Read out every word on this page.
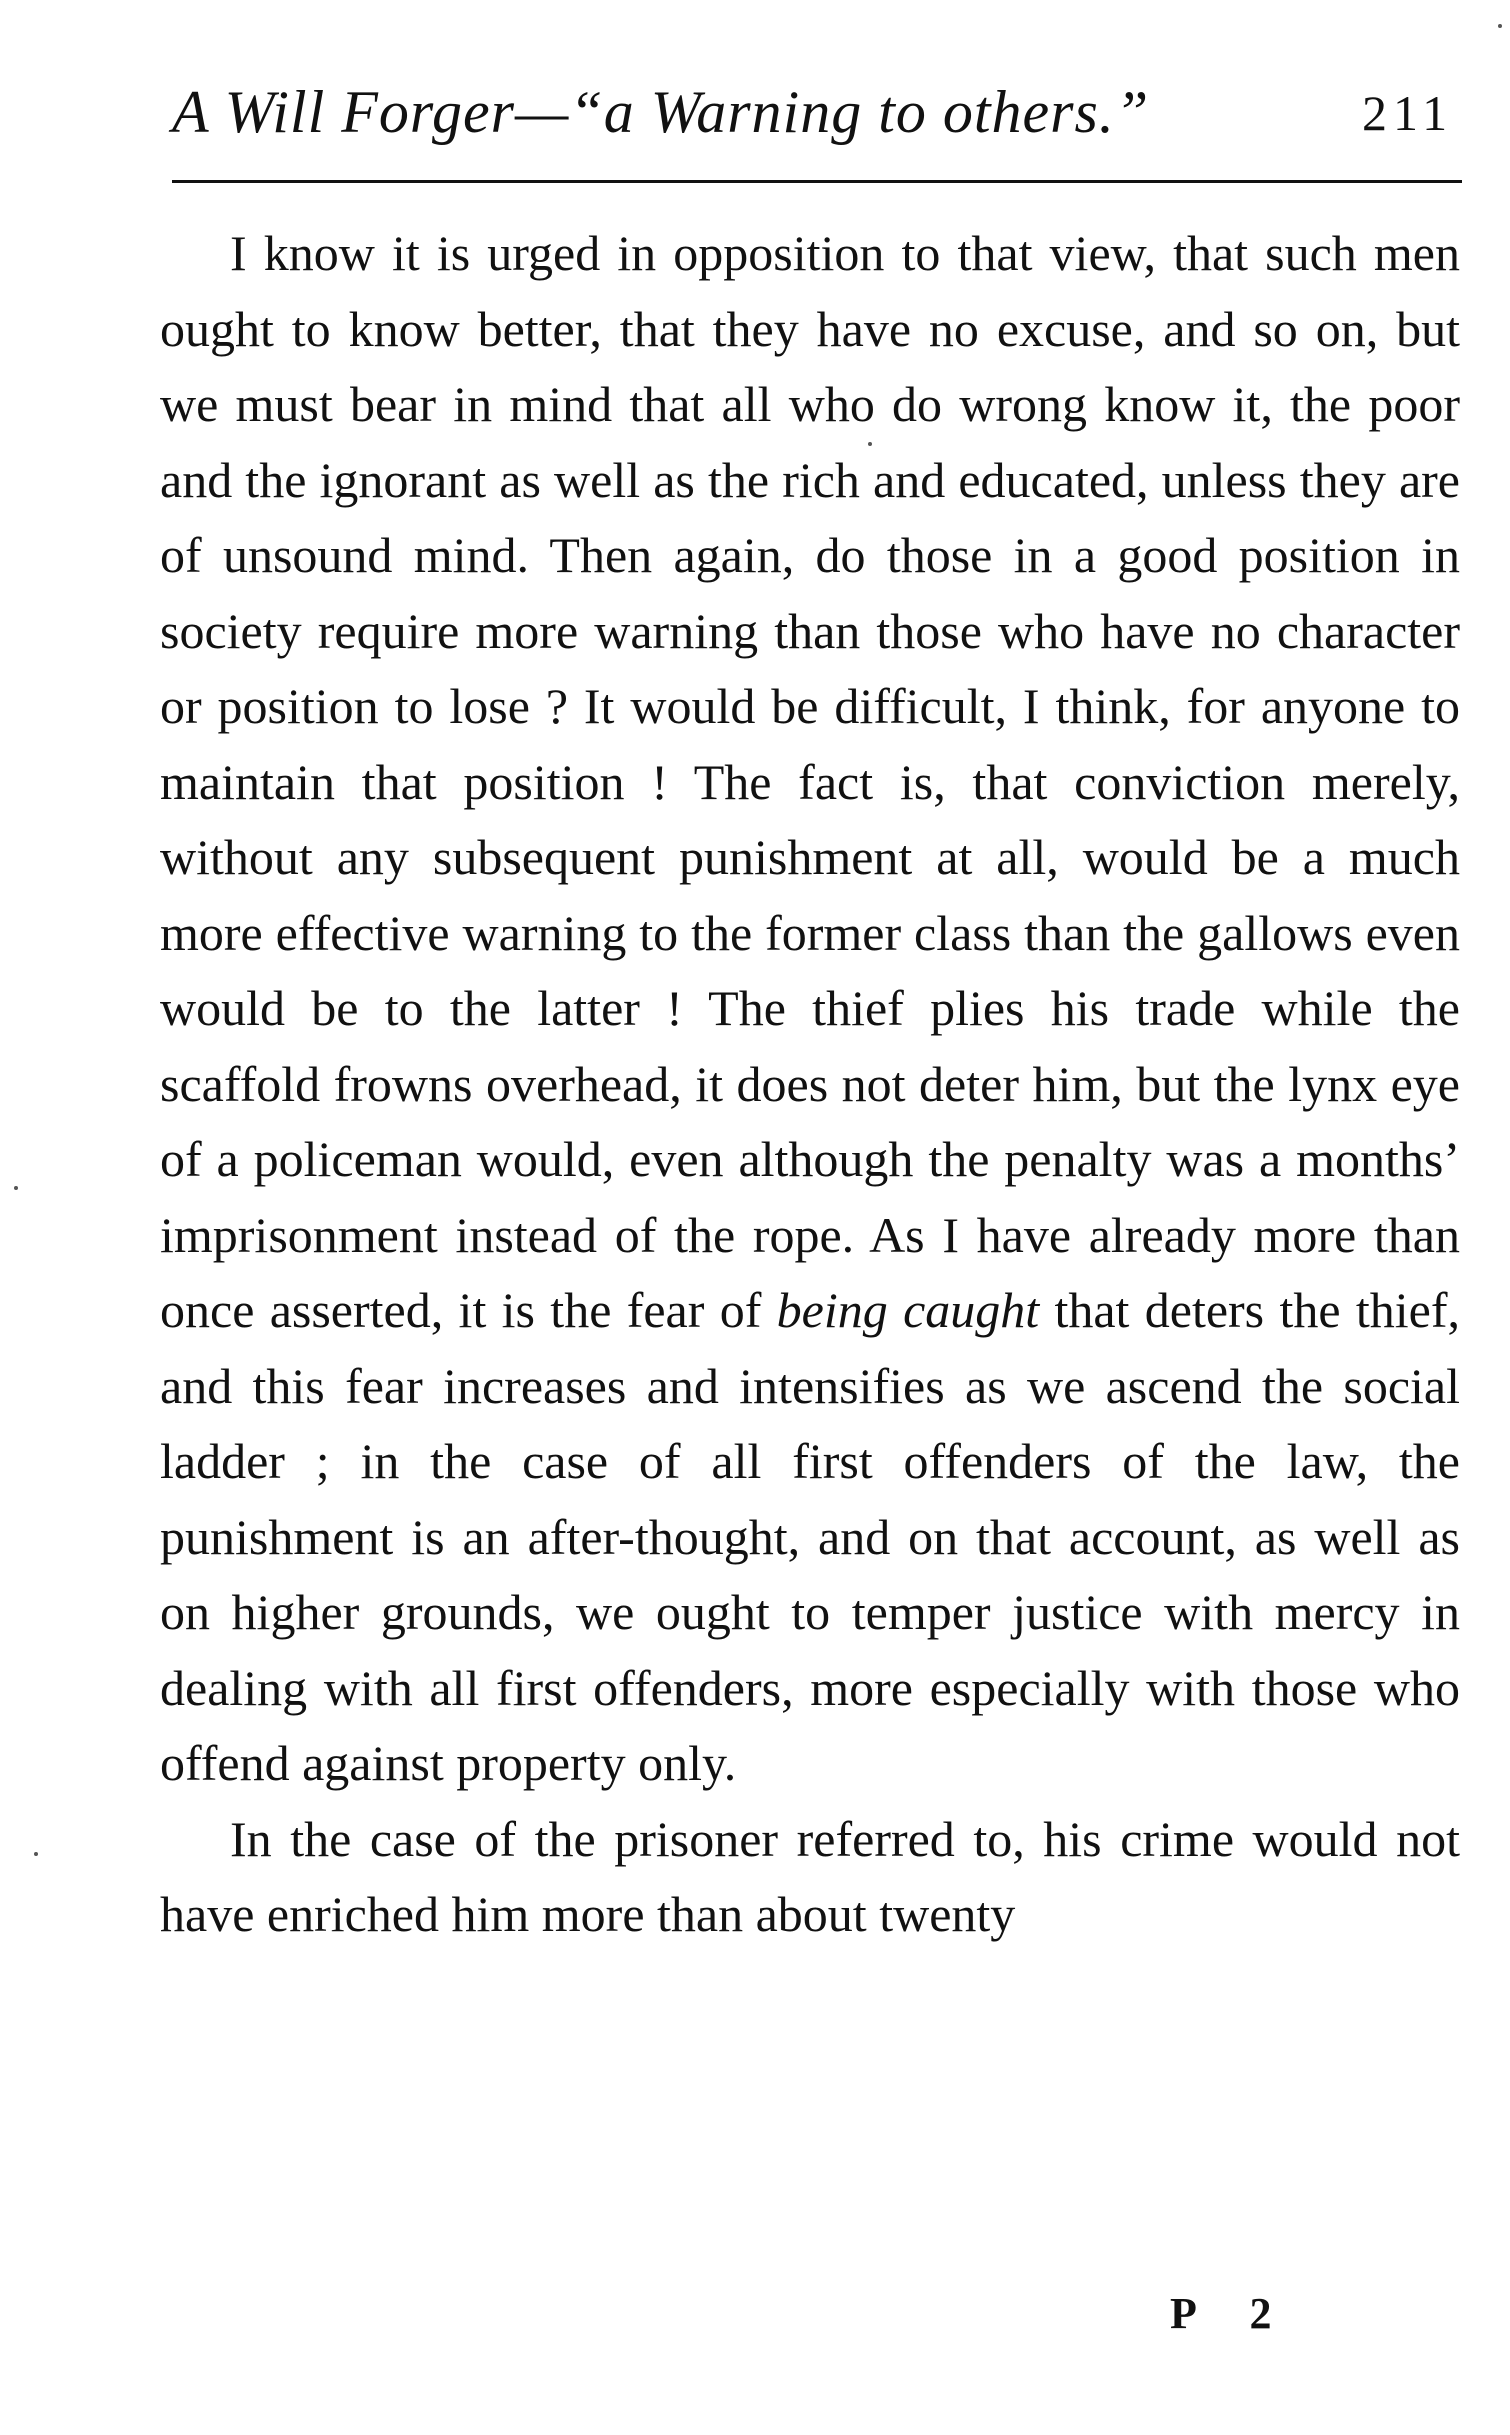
A Will Forger—“a Warning to others.”	211

I know it is urged in opposition to that view, that such men ought to know better, that they have no excuse, and so on, but we must bear in mind that all who do wrong know it, the poor and the ignorant as well as the rich and educated, unless they are of unsound mind. Then again, do those in a good position in society require more warning than those who have no character or position to lose ? It would be difficult, I think, for anyone to maintain that position ! The fact is, that conviction merely, without any subsequent punishment at all, would be a much more effective warning to the former class than the gallows even would be to the latter ! The thief plies his trade while the scaffold frowns overhead, it does not deter him, but the lynx eye of a policeman would, even although the penalty was a months’ imprisonment instead of the rope. As I have already more than once asserted, it is the fear of being caught that deters the thief, and this fear increases and intensifies as we ascend the social ladder ; in the case of all first offenders of the law, the punishment is an after-thought, and on that account, as well as on higher grounds, we ought to temper justice with mercy in dealing with all first offenders, more especially with those who offend against property only.

In the case of the prisoner referred to, his crime would not have enriched him more than about twenty

P 2
